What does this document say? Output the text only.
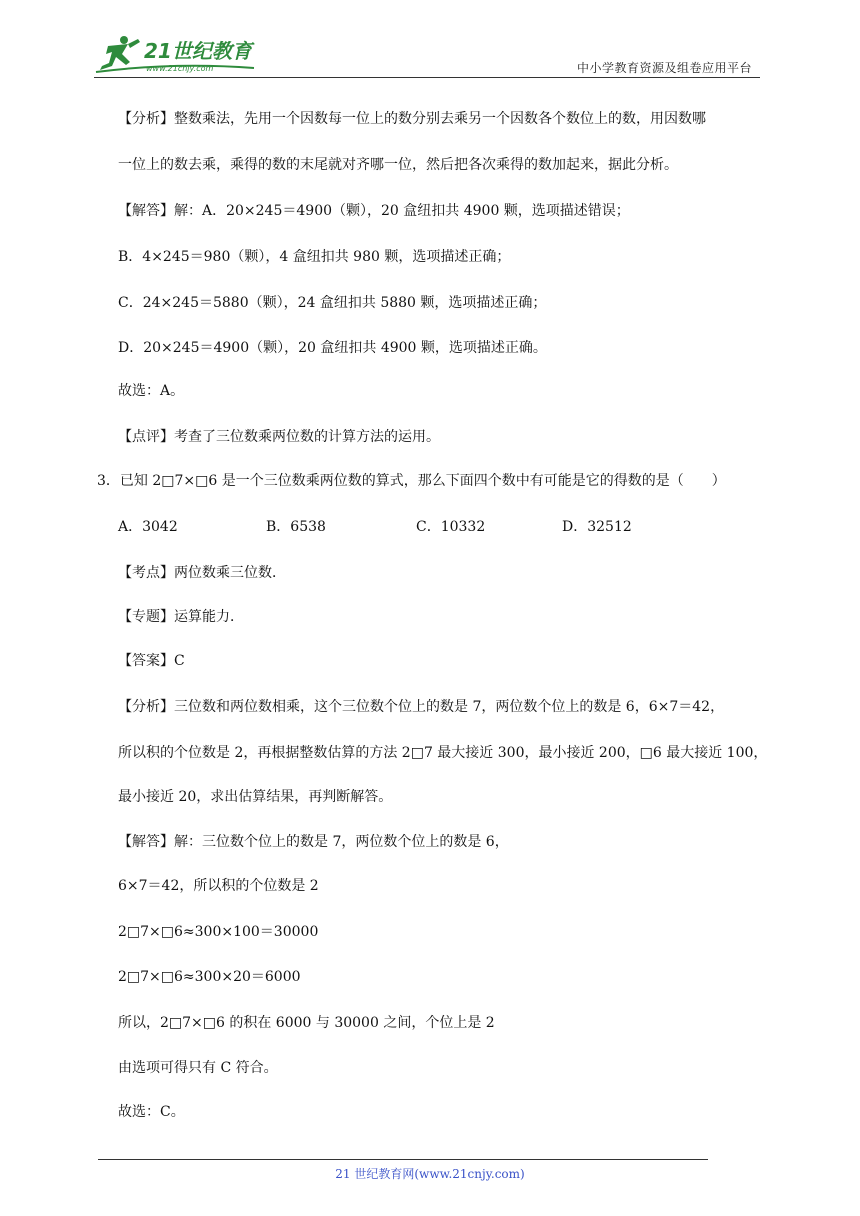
21世纪教育
www.21cnjy.com	中小学教育资源及组卷应用平台
【分析】整数乘法，先用一个因数每一位上的数分别去乘另一个因数各个数位上的数，用因数哪
一位上的数去乘，乘得的数的末尾就对齐哪一位，然后把各次乘得的数加起来，据此分析。
【解答】解：A．20×245＝4900（颗），20 盒纽扣共 4900 颗，选项描述错误；
B．4×245＝980（颗），4 盒纽扣共 980 颗，选项描述正确；
C．24×245＝5880（颗），24 盒纽扣共 5880 颗，选项描述正确；
D．20×245＝4900（颗），20 盒纽扣共 4900 颗，选项描述正确。
故选：A。
【点评】考查了三位数乘两位数的计算方法的运用。
3．已知 2□7×□6 是一个三位数乘两位数的算式，那么下面四个数中有可能是它的得数的是（　　）
A．3042	B．6538	C．10332	D．32512
【考点】两位数乘三位数．
【专题】运算能力．
【答案】C
【分析】三位数和两位数相乘，这个三位数个位上的数是 7，两位数个位上的数是 6，6×7＝42，
所以积的个位数是 2，再根据整数估算的方法 2□7 最大接近 300，最小接近 200，□6 最大接近 100，
最小接近 20，求出估算结果，再判断解答。
【解答】解：三位数个位上的数是 7，两位数个位上的数是 6，
6×7＝42，所以积的个位数是 2
2□7×□6≈300×100＝30000
2□7×□6≈300×20＝6000
所以，2□7×□6 的积在 6000 与 30000 之间，个位上是 2
由选项可得只有 C 符合。
故选：C。
21 世纪教育网(www.21cnjy.com)
